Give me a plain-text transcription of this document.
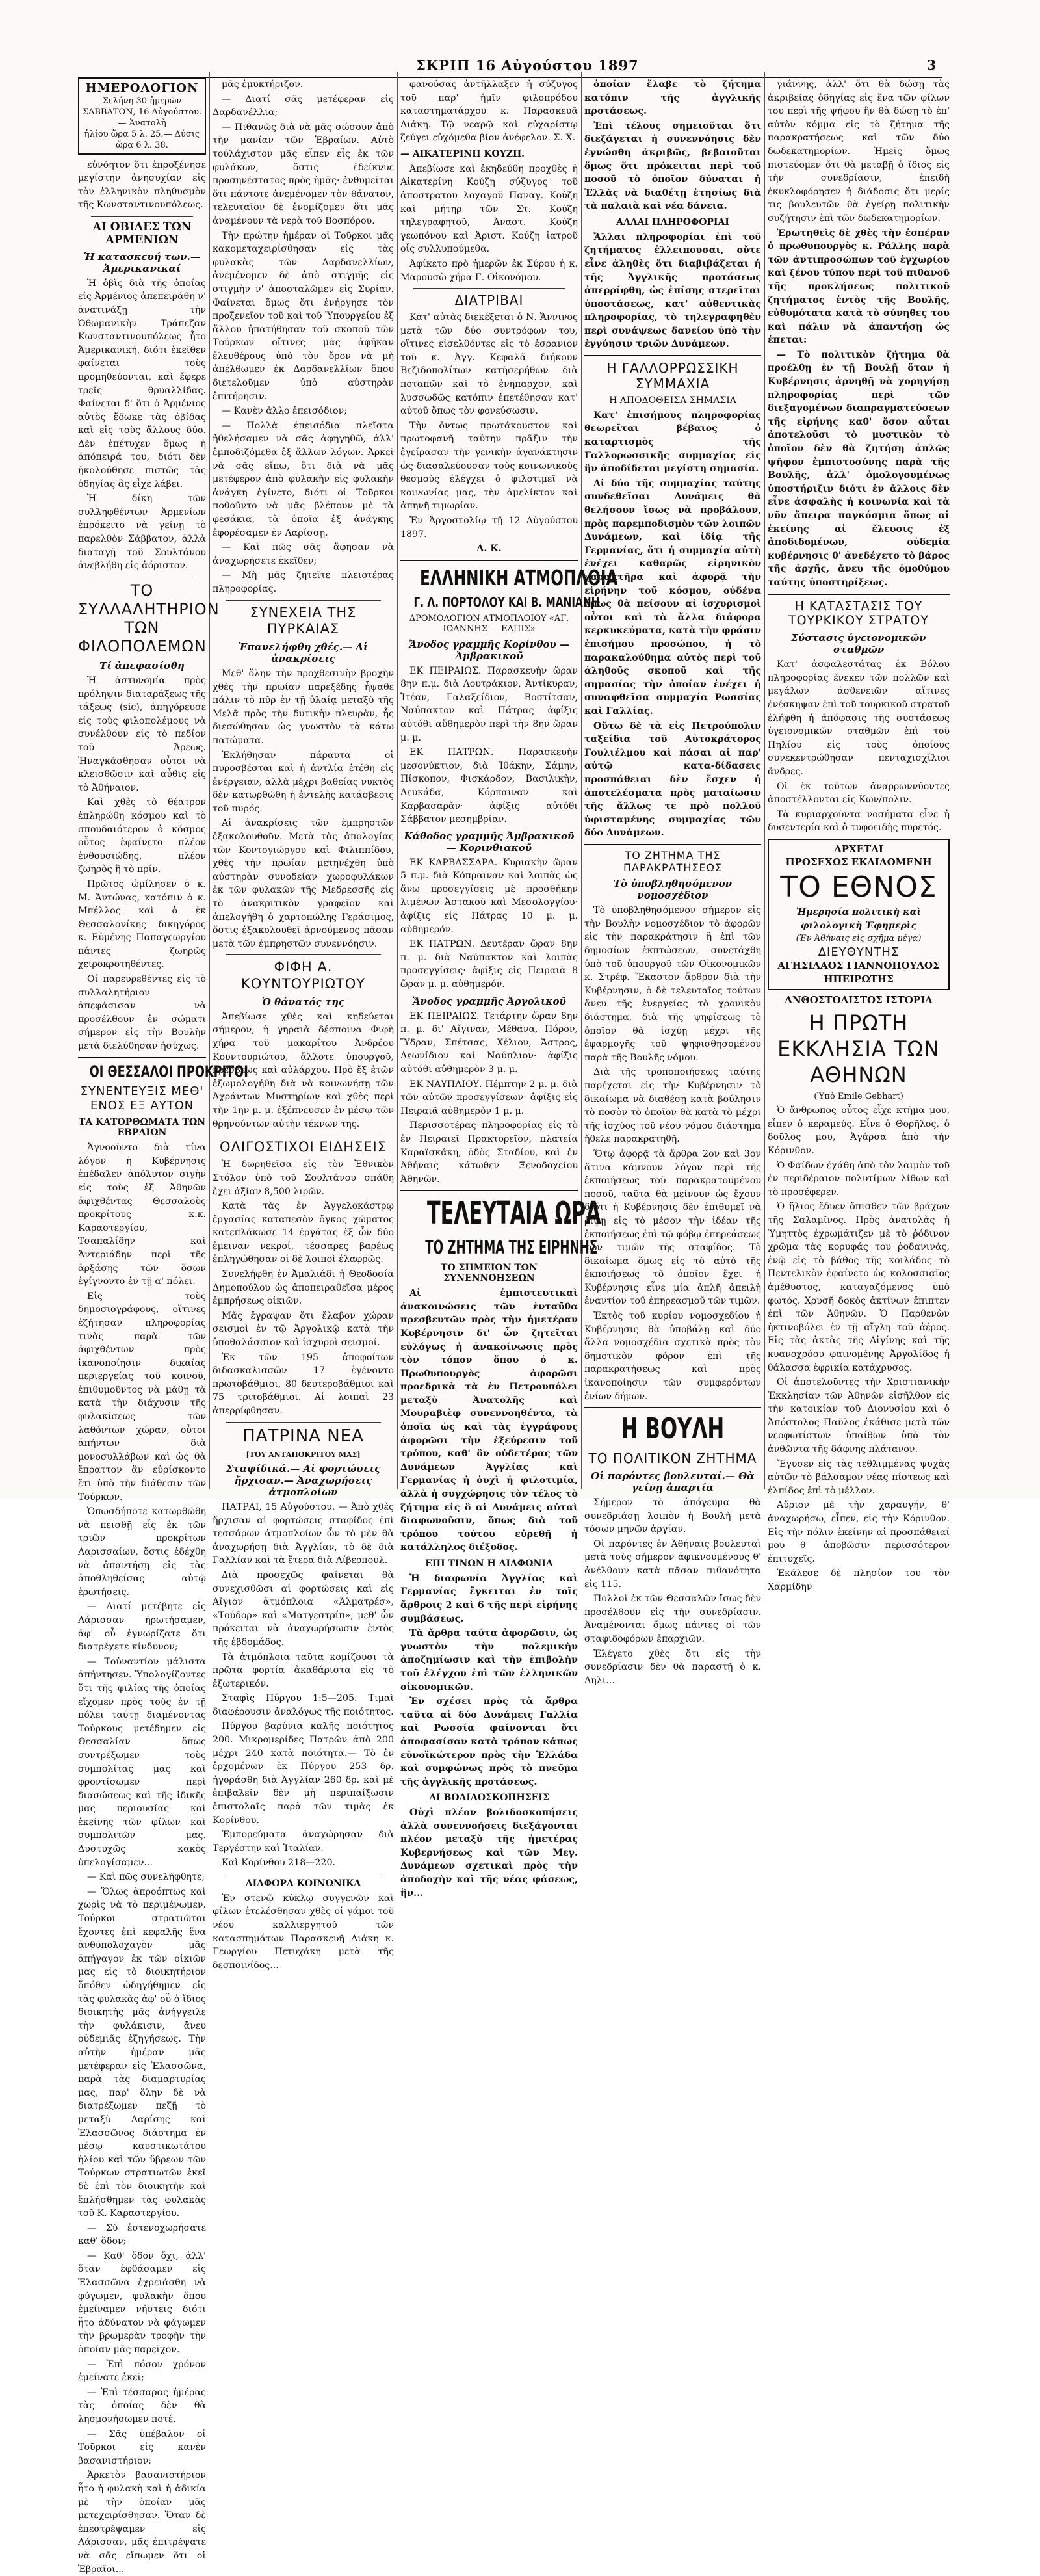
ΣΚΡΙΠ 16 Αὐγούστου 1897	3
ΗΜΕΡΟΛΟΓΙΟΝ
Σελήνη 30 ἡμερῶν
ΣΑΒΒΑΤΟΝ, 16 Αὐγούστου.— Ἀνατολὴ
ἡλίου ὥρα 5 λ. 25.— Δύσις ὥρα 6 λ. 38.

εὐνόητον ὅτι ἐπροξένησε μεγίστην ἀνησυχίαν εἰς τὸν ἑλληνικὸν πληθυσμὸν τῆς Κωνσταντινουπόλεως.

ΑΙ ΟΒΙΔΕΣ ΤΩΝ ΑΡΜΕΝΙΩΝ
Ἡ κατασκευή των.—Ἀμερικανικαί

Ἡ ὀβὶς διὰ τῆς ὁποίας εἰς Ἀρμένιος ἀπεπειράθη ν' ἀνατινάξῃ τὴν Ὀθωμανικὴν Τράπεζαν Κωνσταντινουπόλεως ἦτο Ἀμερικανική, διότι ἐκεῖθεν φαίνεται τοὺς προμηθεύονται, καὶ ἔφερε τρεῖς θρυαλλίδας. Φαίνεται δ' ὅτι ὁ Ἀρμένιος αὐτὸς ἔδωκε τὰς ὀβίδας καὶ εἰς τοὺς ἄλλους δύο. Δὲν ἐπέτυχεν ὅμως ἡ ἀπόπειρά του, διότι δὲν ἠκολούθησε πιστῶς τὰς ὁδηγίας ἃς εἶχε λάβει.

Ἡ δίκη τῶν συλληφθέντων Ἀρμενίων ἐπρόκειτο νὰ γείνῃ τὸ παρελθὸν Σάββατον, ἀλλὰ διαταγῇ τοῦ Σουλτάνου ἀνεβλήθη εἰς ἀόριστον.

ΤΟ ΣΥΛΛΑΛΗΤΗΡΙΟΝ ΤΩΝ ΦΙΛΟΠΟΛΕΜΩΝ
Τί ἀπεφασίσθη

Ἡ ἀστυνομία πρὸς πρόληψιν διαταράξεως τῆς τάξεως (sic), ἀπηγόρευσε εἰς τοὺς φιλοπολέμους νὰ συνέλθουν εἰς τὸ πεδίον τοῦ Ἄρεως. Ἠναγκάσθησαν οὗτοι νὰ κλεισθῶσιν καὶ αὖθις εἰς τὸ Ἀθήναιον.

Καὶ χθὲς τὸ θέατρον ἐπληρώθη κόσμου καὶ τὸ σπουδαιότερον ὁ κόσμος οὗτος ἐφαίνετο πλέον ἐνθουσιώδης, πλέον ζωηρὸς ἢ τὸ πρίν.

Πρῶτος ὡμίλησεν ὁ κ. Μ. Ἀντώνας, κατόπιν ὁ κ. Μπέλλος καὶ ὁ ἐκ Θεσσαλονίκης δικηγόρος κ. Εὐμένης Παπαγεωργίου πάντες ζωηρῶς χειροκροτηθέντες.

Οἱ παρευρεθέντες εἰς τὸ συλλαλητήριον ἀπεφάσισαν νὰ προσέλθουν ἐν σώματι σήμερον εἰς τὴν Βουλὴν μετὰ διελύθησαν ἡσύχως.

ΟΙ ΘΕΣΣΑΛΟΙ ΠΡΟΚΡΙΤΟΙ
ΣΥΝΕΝΤΕΥΞΙΣ ΜΕΘ' ΕΝΟΣ ΕΞ ΑΥΤΩΝ
ΤΑ ΚΑΤΟΡΘΩΜΑΤΑ ΤΩΝ ΕΒΡΑΙΩΝ

Ἀγνοοῦντο διὰ τίνα λόγον ἡ Κυβέρνησις ἐπέδαλεν ἀπόλυτον σιγὴν εἰς τοὺς ἐξ Ἀθηνῶν ἀφιχθέντας Θεσσαλοὺς προκρίτους κ.κ. Καραστεργίου, Τσαπαλίδην καὶ Ἀντεριάδην περὶ τῆς ἀρξάσης τῶν ὅσων ἐγίγνοντο ἐν τῇ α' πόλει.

Εἰς τοὺς δημοσιογράφους, οἵτινες ἐζήτησαν πληροφορίας τινὰς παρὰ τῶν ἀφιχθέντων πρὸς ἱκανοποίησιν δικαίας περιεργείας τοῦ κοινοῦ, ἐπιθυμοῦντος νὰ μάθῃ τὰ κατὰ τὴν διάχυσιν τῆς φυλακίσεως τῶν λαθόντων χώραν, οὗτοι ἀπήντων διὰ μονοσυλλάβων καὶ ὡς θὰ ἔπραττον ἂν εὑρίσκοντο ἔτι ὑπὸ τὴν διάθεσιν τῶν Τούρκων.

Ὁπωσδήποτε κατωρθώθη νὰ πεισθῇ εἷς ἐκ τῶν τριῶν προκρίτων Λαρισσαίων, ὅστις ἐδέχθη νὰ ἀπαντήσῃ εἰς τὰς ἀποθληθείσας αὐτῷ ἐρωτήσεις.

— Διατί μετέβητε εἰς Λάρισσαν ἠρωτήσαμεν, ἀφ' οὗ ἐγνωρίζατε ὅτι διατρέχετε κίνδυνον;

— Τοὐναντίον μάλιστα ἀπήντησεν. Ὑπολογίζοντες ὅτι τῆς φιλίας τῆς ὁποίας εἴχομεν πρὸς τοὺς ἐν τῇ πόλει ταύτῃ διαμένοντας Τούρκους μετέδημεν εἰς Θεσσαλίαν ὅπως συντρέξωμεν τοὺς συμπολίτας μας καὶ φροντίσωμεν περὶ διασώσεως καὶ τῆς ἰδικῆς μας περιουσίας καὶ ἐκείνης τῶν φίλων καὶ συμπολιτῶν μας. Δυστυχῶς κακὸς ὑπελογίσαμεν...

— Καὶ πῶς συνελήφθητε;

— Ὅλως ἀπροόπτως καὶ χωρὶς νὰ τὸ περιμένωμεν. Τούρκοι στρατιῶται ἔχοντες ἐπὶ κεφαλῆς ἕνα ἀνθυπολοχαγὸν μᾶς ἀπήγαγον ἐκ τῶν οἰκιῶν μας εἰς τὸ διοικητήριον ὅπόθεν ὡδηγήθημεν εἰς τὰς φυλακὰς ἀφ' οὗ ὁ ἴδιος διοικητὴς μᾶς ἀνήγγειλε τὴν φυλάκισιν, ἄνευ οὐδεμιᾶς ἐξηγήσεως. Τὴν αὐτὴν ἡμέραν μᾶς μετέφεραν εἰς Ἐλασσῶνα, παρὰ τὰς διαμαρτυρίας μας, παρ' ὅλην δὲ νὰ διατρέξωμεν πεζῇ τὸ μεταξὺ Λαρίσης καὶ Ἐλασσῶνος διάστημα ἐν μέσῳ καυστικωτάτου ἡλίου καὶ τῶν ὕβρεων τῶν Τούρκων στρατιωτῶν ἐκεῖ δὲ ἐπὶ τὸν διοικητὴν καὶ ἔπλήσθημεν τὰς φυλακὰς τοῦ Κ. Καραστεργίου.

— Σὺ ἐστενοχωρήσατε καθ' ὅδον;

— Καθ' ὅδον ὄχι, ἀλλ' ὅταν ἐφθάσαμεν εἰς Ἐλασσῶνα ἐχρειάσθη νὰ φύγωμεν, φυλακὴν ὅπου ἐμείναμεν νήστεις διότι ἦτο ἀδύνατον νὰ φάγωμεν τὴν βρωμερὰν τροφὴν τὴν ὁποίαν μᾶς παρεῖχον.

— Ἐπὶ πόσον χρόνον ἐμείνατε ἐκεῖ;

— Ἐπὶ τέσσαρας ἡμέρας τὰς ὁποίας δὲν θὰ λησμονήσωμεν ποτέ.

— Σᾶς ὑπέβαλον οἱ Τοῦρκοι εἰς κανὲν βασανιστήριον;

Ἀρκετὸν βασανιστήριον ἦτο ἡ φυλακὴ καὶ ἡ ἀδικία μὲ τὴν ὁποίαν μᾶς μετεχειρίσθησαν. Ὅταν δὲ ἐπεστρέψαμεν εἰς Λάρισσαν, μᾶς ἐπιτρέψατε νὰ σᾶς εἴπωμεν ὅτι οἱ Ἑβραῖοι...

μᾶς ἐμυκτήριζον.

— Διατί σᾶς μετέφεραν εἰς Δαρδανέλλια;

— Πιθανῶς διὰ νὰ μᾶς σώσουν ἀπὸ τὴν μανίαν τῶν Ἑβραίων. Αὐτὸ τοὐλάχιστον μᾶς εἶπεν εἷς ἐκ τῶν φυλάκων, ὅστις ἐδείκνυε προσηνέστατος πρὸς ἡμᾶς· ἐνθυμεῖται ὅτι πάντοτε ἀνεμένομεν τὸν θάνατον, τελευταῖον δὲ ἐνομίζομεν ὅτι μᾶς ἀναμένουν τὰ νερὰ τοῦ Βοσπόρου.

Τὴν πρώτην ἡμέραν οἱ Τοῦρκοι μᾶς κακομεταχειρίσθησαν εἰς τὰς φυλακὰς τῶν Δαρδανελλίων, ἀνεμένομεν δὲ ἀπὸ στιγμῆς εἰς στιγμὴν ν' ἀποσταλῶμεν εἰς Συρίαν. Φαίνεται ὅμως ὅτι ἐνήργησε τὸν προξενεῖον τοῦ καὶ τοῦ Ὑπουργείου ἐξ ἄλλου ἠπατήθησαν τοῦ σκοποῦ τῶν Τούρκων οἵτινες μᾶς ἀφῆκαν ἐλευθέρους ὑπὸ τὸν ὅρον νὰ μὴ ἀπέλθωμεν ἐκ Δαρδανελλίων ὅπου διετελοῦμεν ὑπὸ αὐστηρὰν ἐπιτήρησιν.

— Κανὲν ἄλλο ἐπεισόδιον;

— Πολλὰ ἐπεισόδια πλεῖστα ἠθελήσαμεν νὰ σᾶς ἀφηγηθῶ, ἀλλ' ἐμποδιζόμεθα ἐξ ἄλλων λόγων. Ἀρκεῖ νὰ σᾶς εἴπω, ὅτι διὰ νὰ μᾶς μετέφερον ἀπὸ φυλακὴν εἰς φυλακὴν ἀνάγκη ἐγίνετο, διότι οἱ Τοῦρκοι ποθοῦντο νὰ μᾶς βλέπουν μὲ τὰ φεσάκια, τὰ ὁποῖα ἐξ ἀνάγκης ἐφορέσαμεν ἐν Λαρίσσῃ.

— Καὶ πῶς σᾶς ἄφησαν νὰ ἀναχωρήσετε ἐκεῖθεν;

— Μὴ μᾶς ζητεῖτε πλειοτέρας πληροφορίας.

ΣΥΝΕΧΕΙΑ ΤΗΣ ΠΥΡΚΑΙΑΣ
Ἐπανελήφθη χθές.— Αἱ ἀνακρίσεις

Μεθ' ὅλην τὴν προχθεσινὴν βροχὴν χθὲς τὴν πρωίαν παρεξέδης ἧψαθε πάλιν τὸ πῦρ ἐν τῇ ὑλαίᾳ μεταξὺ τῆς Μελᾶ πρὸς τὴν δυτικὴν πλευρὰν, ἧς διεσώθησαν ὡς γνωστὸν τὰ κάτω πατώματα.

Ἐκλήθησαν πάραυτα οἱ πυροσβέσται καὶ ἡ ἀντλία ἐτέθη εἰς ἐνέργειαν, ἀλλὰ μέχρι βαθείας νυκτὸς δὲν κατωρθώθη ἡ ἐντελὴς κατάσβεσις τοῦ πυρός.

Αἱ ἀνακρίσεις τῶν ἐμπρηστῶν ἐξακολουθοῦν. Μετὰ τὰς ἀπολογίας τῶν Κοντογιώργου καὶ Φιλιππίδου, χθὲς τὴν πρωίαν μετηνέχθη ὑπὸ αὐστηρὰν συνοδείαν χωροφυλάκων ἐκ τῶν φυλακῶν τῆς Μεδρεσσῆς εἰς τὸ ἀνακριτικὸν γραφεῖον καὶ ἀπελογήθη ὁ χαρτοπώλης Γεράσιμος, ὅστις ἐξακολουθεῖ ἀρνούμενος πᾶσαν μετὰ τῶν ἐμπρηστῶν συνεννόησιν.

ΦΙΦΗ Α. ΚΟΥΝΤΟΥΡΙΩΤΟΥ
Ὁ θάνατός της

Ἀπεβίωσε χθὲς καὶ κηδεύεται σήμερον, ἡ γηραιὰ δέσποινα Φιφὴ χήρα τοῦ μακαρίτου Ἀνδρέου Κουντουριώτου, ἄλλοτε ὑπουργοῦ, πρέσβεως καὶ αὐλάρχου. Πρὸ ἕξ ἐτῶν ἐξωμολογήθη διὰ νὰ κοινωνήσῃ τῶν Ἀχράντων Μυστηρίων καὶ χθὲς περὶ τὴν 1ην μ. μ. ἐξέπνευσεν ἐν μέσῳ τῶν θρηνούντων αὐτὴν τέκνων της.

ΟΛΙΓΟΣΤΙΧΟΙ ΕΙΔΗΣΕΙΣ

Ἡ δωρηθεῖσα εἰς τὸν Ἐθνικὸν Στόλον ὑπὸ τοῦ Σουλτάνου σπάθη ἔχει ἀξίαν 8,500 λιρῶν.

Κατὰ τὰς ἐν Ἀγγελοκάστρῳ ἐργασίας καταπεσὸν ὄγκος χώματος κατεπλάκωσε 14 ἐργάτας ἐξ ὧν δύο ἐμειναν νεκροί, τέσσαρες βαρέως ἐπληγώθησαν οἱ δὲ λοιποὶ ἐλαφρῶς.

Συνελήφθη ἐν Ἀμαλιάδι ἡ Θεοδοσία Δημοπούλου ὡς ἀποπειραθεῖσα μέρος ἐμπρήσεως οἰκιῶν.

Μᾶς ἔγραψαν ὅτι ἔλαβον χώραν σεισμοὶ ἐν τῷ Ἀργολικῷ κατὰ τὴν ὑποθαλάσσιον καὶ ἰσχυροὶ σεισμοί.

Ἐκ τῶν 195 ἀποφοίτων διδασκαλισσῶν 17 ἐγένοντο πρωτοβάθμιοι, 80 δευτεροβάθμιοι καὶ 75 τριτοβάθμιοι. Αἱ λοιπαὶ 23 ἀπερρίφθησαν.

ΠΑΤΡΙΝΑ ΝΕΑ
[ΤΟΥ ΑΝΤΑΠΟΚΡΙΤΟΥ ΜΑΣ]
Σταφίδικά.— Αἱ φορτώσεις ἤρχισαν.— Ἀναχωρήσεις ἀτμοπλοίων

ΠΑΤΡΑΙ, 15 Αὐγούστου. — Ἀπὸ χθὲς ἤρχισαν αἱ φορτώσεις σταφίδος ἐπὶ τεσσάρων ἀτμοπλοίων ὧν τὸ μὲν θὰ ἀναχωρήσῃ διὰ Ἀγγλίαν, τὸ δὲ διὰ Γαλλίαν καὶ τὰ ἕτερα διὰ Λίβερπουλ.

Διὰ προσεχῶς φαίνεται θὰ συνεχισθῶσι αἱ φορτώσεις καὶ εἰς Αἴγιον ἀτμόπλοια «Ἀλματρέσ», «Τούδορ» καὶ «Ματγεστρίπ», μεθ' ὧν πρόκειται νὰ ἀναχωρήσωσιν ἐντὸς τῆς ἑβδομάδος.

Τὰ ἀτμόπλοια ταῦτα κομίζουσι τὰ πρῶτα φορτία ἀκαθάριστα εἰς τὸ ἐξωτερικόν.

Σταφὶς Πύργου 1:5—205. Τιμαὶ διαφέρουσιν ἀναλόγως τῆς ποιότητος.

Πύργου βαρύνια καλῆς ποιότητος 200. Μικρομερίδες Πατρῶν ἀπὸ 200 μέχρι 240 κατὰ ποιότητα.— Τὸ ἐν ἐρχομένων ἐκ Πύργου 253 δρ. ἠγοράσθη διὰ Ἀγγλίαν 260 δρ. καὶ μὲ ἐπιβαλεῖν δὲν μὴ περιπαίξωσιν ἐπιστολαῖς παρὰ τῶν τιμὰς ἐκ Κορίνθου.

Ἐμπορεύματα ἀναχώρησαν διὰ Τεργέστην καὶ Ἰταλίαν.

Καὶ Κορίνθου 218—220.

ΔΙΑΦΟΡΑ ΚΟΙΝΩΝΙΚΑ

Ἐν στενῷ κύκλῳ συγγενῶν καὶ φίλων ἐτελέσθησαν χθὲς οἱ γάμοι τοῦ νέου καλλιεργητοῦ τῶν κατασπημάτων Παρασκευῆ Λιάκη κ. Γεωργίου Πετυχάκη μετὰ τῆς δεσποινίδος...

φανούσας ἀντῆλλαξεν ἡ σύζυγος τοῦ παρ' ἡμῖν φιλοπρόδου καταστηματάρχου κ. Παρασκευᾶ Λιάκη. Τῷ νεαρῷ καὶ εὐχαρίστῳ ζεύγει εὐχόμεθα βίον ἀνέφελον. Σ. Χ.

— ΑΙΚΑΤΕΡΙΝΗ ΚΟΥΖΗ.

Ἀπεβίωσε καὶ ἐκηδεύθη προχθὲς ἡ Αἰκατερίνη Κούζη σύζυγος τοῦ ἀποστρατου λοχαγοῦ Παναγ. Κούζη καὶ μήτηρ τῶν Στ. Κούζη τηλεγραφητοῦ, Ἀναστ. Κούζη γεωπόνου καὶ Ἀριστ. Κούζη ἰατροῦ οἷς συλλυπούμεθα.

Ἀφίκετο πρὸ ἡμερῶν ἐκ Σύρου ἡ κ. Μαρουσὼ χήρα Γ. Οἰκονόμου.

ΔΙΑΤΡΙΒΑΙ

Κατ' αὐτὰς διεκέξεται ὁ Ν. Ἄννινος μετὰ τῶν δύο συντρόφων του, οἵτινες εἰσελθόντες εἰς τὸ ἐσρανιον τοῦ κ. Ἀγγ. Κεφαλᾶ διήκουν Βεζιδοπολίτων κατῆσερήθων διὰ ποταπῶν καὶ τὸ ἐνηπαρχον, καὶ λυσσωδῶς κατόπιν ἐπετέθησαν κατ' αὐτοῦ ὅπως τὸν φονεύσωσιν.

Τὴν ὄντως πρωτάκουστον καὶ πρωτοφανῆ ταύτην πρᾶξιν τὴν ἐγείρασαν τὴν γενικὴν ἀγανάκτησιν ὡς διασαλεύουσαν τοὺς κοινωνικοὺς θεσμοὺς ἐλέγχει ὁ φιλοτιμεῖ νὰ κοινωνίας μας, τὴν ἀμελίκτον καὶ ἀπηνῆ τιμωρίαν.

Ἐν Ἀργοστολίῳ τῇ 12 Αὐγούστου 1897.

Α. Κ.
ΕΛΛΗΝΙΚΗ ΑΤΜΟΠΛΟΙΑ
Γ. Λ. ΠΟΡΤΟΛΟΥ ΚΑΙ Β. ΜΑΝΙΑΝΗ
ΔΡΟΜΟΛΟΓΙΟΝ ΑΤΜΟΠΛΟΙΟΥ «ΑΓ. ΙΩΑΝΝΗΣ — ΕΛΠΙΣ»
Ἄνοδος γραμμῆς Κορίνθου — Ἀμβρακικοῦ

ΕΚ ΠΕΙΡΑΙΩΣ. Παρασκευὴν ὥραν 8ην π.μ. διὰ Λουτράκιον, Ἀντίκυραν, Ἰτέαν, Γαλαξείδιον, Βοστίτσαν, Ναύπακτον καὶ Πάτρας ἀφίξις αὐτόθι αὔθημερὸν περὶ τὴν 8ην ὥραν μ. μ.

ΕΚ ΠΑΤΡΩΝ. Παρασκευὴν μεσονύκτιον, διὰ Ἰθάκην, Σάμην, Πίσκοπον, Φισκάρδον, Βασιλικὴν, Λευκάδα, Κόρπαιναν καὶ Καρβασαρὰν· ἀφίξις αὐτόθι Σάββατον μεσημβρίαν.

Κάθοδος γραμμῆς Ἀμβρακικοῦ — Κορινθιακοῦ

ΕΚ ΚΑΡΒΑΣΣΑΡΑ. Κυριακὴν ὥραν 5 π.μ. διὰ Κόπραιναν καὶ λοιπὰς ὡς ἄνω προσεγγίσεις μὲ προσθήκην λιμένων Ἀστακοῦ καὶ Μεσολογγίου· ἀφίξις εἰς Πάτρας 10 μ. μ. αὐθημερόν.

ΕΚ ΠΑΤΡΩΝ. Δευτέραν ὥραν 8ην π. μ. διὰ Ναύπακτον καὶ λοιπὰς προσεγγίσεις· ἀφίξις εἰς Πειραιᾶ 8 ὥραν μ. μ. αὐθημερόν.

Ἄνοδος γραμμῆς Ἀργολικοῦ

ΕΚ ΠΕΙΡΑΙΩΣ. Τετάρτην ὥραν 8ην π. μ. δι' Αἴγιναν, Μέθανα, Πόρον, Ὕδραν, Σπέτσας, Χέλιον, Ἄστρος, Λεωνίδιον καὶ Ναύπλιον· ἀφίξις αὐτόθι αὐθημερὸν 3 μ. μ.

ΕΚ ΝΑΥΠΛΙΟΥ. Πέμπτην 2 μ. μ. διὰ τῶν αὐτῶν προσεγγίσεων· ἀφίξις εἰς Πειραιᾶ αὐθημερὸν 1 μ. μ.

Περισσοτέρας πληροφορίας εἰς τὸ ἐν Πειραιεῖ Πρακτορεῖον, πλατεία Καραϊσκάκη, ὁδὸς Σταδίου, καὶ ἐν Ἀθήναις κάτωθεν Ξενοδοχείου Ἀθηνῶν.

ΤΕΛΕΥΤΑΙΑ ΩΡΑ
ΤΟ ΖΗΤΗΜΑ ΤΗΣ ΕΙΡΗΝΗΣ
ΤΟ ΣΗΜΕΙΟΝ ΤΩΝ ΣΥΝΕΝΝΟΗΣΕΩΝ

Αἱ ἐμπιστευτικαὶ ἀνακοινώσεις τῶν ἐνταῦθα πρεσβευτῶν πρὸς τὴν ἡμετέραν Κυβέρνησιν δι' ὧν ζητεῖται εὐλόγως ἡ ἀνακοίνωσις πρὸς τὸν τόπον ὅπου ὁ κ. Πρωθυπουργὸς ἀφορῶσι προεδρικὰ τὰ ἐν Πετρουπόλει μεταξὺ Ἀνατολῆς καὶ Μουραβιὲφ συνεννοηθέντα, τὰ ὁποῖα ὡς καὶ τὰς ἐγγράφους ἀφορῶσι τὴν ἐξεύρεσιν τοῦ τρόπου, καθ' ὃν οὐδετέρας τῶν Δυνάμεων Ἀγγλίας καὶ Γερμανίας ἡ ὀυχὶ ἡ φιλοτιμία, ἀλλὰ ἡ συγχώρησις τὸν τέλος τὸ ζήτημα εἰς ὃ αἱ Δυνάμεις αὐταὶ διαφωνοῦσιν, ὅπως διὰ τοῦ τρόπου τούτου εὑρεθῇ ἡ κατάλληλος διέξοδος.

ΕΠΙ ΤΙΝΩΝ Η ΔΙΑΦΩΝΙΑ

Ἡ διαφωνία Ἀγγλίας καὶ Γερμανίας ἔγκειται ἐν τοῖς ἄρθροις 2 καὶ 6 τῆς περὶ εἰρήνης συμβάσεως.

Τὰ ἄρθρα ταῦτα ἀφορῶσιν, ὡς γνωστὸν τὴν πολεμικὴν ἀποζημίωσιν καὶ τὴν ἐπιβολὴν τοῦ ἐλέγχου ἐπὶ τῶν ἑλληνικῶν οἰκονομικῶν.

Ἐν σχέσει πρὸς τὰ ἄρθρα ταῦτα αἱ δύο Δυνάμεις Γαλλία καὶ Ρωσσία φαίνονται ὅτι ἀποφασίσαν κατὰ τρόπον κάπως εὐνοϊκώτερον πρὸς τὴν Ἑλλάδα καὶ συμφώνως πρὸς τὸ πνεῦμα τῆς ἀγγλικῆς προτάσεως.

ΑΙ ΒΟΛΙΔΟΣΚΟΠΗΣΕΙΣ

Οὐχὶ πλέον βολιδοσκοπήσεις ἀλλὰ συνεννοήσεις διεξάγονται πλέον μεταξὺ τῆς ἡμετέρας Κυβερνήσεως καὶ τῶν Μεγ. Δυνάμεων σχετικαὶ πρὸς τὴν ἀποδοχὴν καὶ τῆς νέας φάσεως, ἣν...

ὁποίαν ἔλαβε τὸ ζήτημα κατόπιν τῆς ἀγγλικῆς προτάσεως.

Ἐπὶ τέλους σημειοῦται ὅτι διεξάγεται ἡ συνεννόησις δὲν ἐγνώσθη ἀκριβῶς, βεβαιοῦται ὅμως ὅτι πρόκειται περὶ τοῦ ποσοῦ τὸ ὁποῖον δύναται ἡ Ἑλλὰς νὰ διαθέτῃ ἐτησίως διὰ τὰ παλαιὰ καὶ νέα δάνεια.

ΑΛΛΑΙ ΠΛΗΡΟΦΟΡΙΑΙ

Ἄλλαι πληροφορίαι ἐπὶ τοῦ ζητήματος ἐλλειπουσαι, οὔτε εἶνε ἀληθὲς ὅτι διαβιβάζεται ἡ τῆς Ἀγγλικῆς προτάσεως ἀπερρίφθη, ὡς ἐπίσης στερεῖται ὑποστάσεως, κατ' αὐθεντικὰς πληροφορίας, τὸ τηλεγραφηθὲν περὶ συνάψεως δανείου ὑπὸ τὴν ἐγγύησιν τριῶν Δυνάμεων.

Η ΓΑΛΛΟΡΡΩΣΣΙΚΗ ΣΥΜΜΑΧΙΑ
Η ΑΠΟΔΟΘΕΙΣΑ ΣΗΜΑΣΙΑ

Κατ' ἐπισήμους πληροφορίας θεωρεῖται βέβαιος ὁ καταρτισμὸς τῆς Γαλλορωσσικῆς συμμαχίας εἰς ἣν ἀποδίδεται μεγίστη σημασία.

Αἱ δύο τῆς συμμαχίας ταύτης συνδεθεῖσαι Δυνάμεις θὰ θελήσουν ἴσως νὰ προβάλουν, πρὸς παρεμποδισμὸν τῶν λοιπῶν Δυνάμεων, καὶ ἰδίᾳ τῆς Γερμανίας, ὅτι ἡ συμμαχία αὐτὴ ἐνέχει καθαρῶς εἰρηνικὸν χαρακτῆρα καὶ ἀφορᾷ τὴν εἰρήνην τοῦ κόσμου, οὐδένα ὅμως θὰ πείσουν αἱ ἰσχυρισμοὶ οὗτοι καὶ τὰ ἄλλα διάφορα κερκυκεύματα, κατὰ τὴν φράσιν ἐπισήμου προσώπου, ἡ τὸ παρακαλούθημα αὐτὸς περὶ τοῦ ἀληθοῦς σκοποῦ καὶ τῆς σημασίας τὴν ὁποίαν ἐνέχει ἡ συναφθεῖσα συμμαχία Ρωσσίας καὶ Γαλλίας.

Οὕτω δὲ τὰ εἰς Πετρούπολιν ταξείδια τοῦ Αὐτοκράτορος Γουλιέλμου καὶ πάσαι αἱ παρ' αὐτῷ κατα-δίδασεις προσπάθειαι δὲν ἔσχεν ἡ ἀποτελέσματα πρὸς ματαίωσιν τῆς ἄλλως τε πρὸ πολλοῦ ὑφισταμένης συμμαχίας τῶν δύο Δυνάμεων.

ΤΟ ΖΗΤΗΜΑ ΤΗΣ ΠΑΡΑΚΡΑΤΗΣΕΩΣ
Τὸ ὑποβληθησόμενον νομοσχέδιον

Τὸ ὑποβληθησόμενον σήμερον εἰς τὴν Βουλὴν νομοσχέδιον τὸ ἀφορῶν εἰς τὴν παρακράτησιν ἢ ἐπὶ τῶν δημοσίων ἐκπτώσεων, συνετάχθη ὑπὸ τοῦ ὑπουργοῦ τῶν Οἰκονομικῶν κ. Στρέφ. Ἕκαστον ἄρθρον διὰ τὴν Κυβέρνησιν, ὁ δὲ τελευταῖος τούτων ἄνευ τῆς ἐνεργείας τὸ χρονικὸν διάστημα, διὰ τῆς ψηφίσεως τὸ ὁποῖον θὰ ἰσχύῃ μέχρι τῆς ἐφαρμογῆς τοῦ ψηφισθησομένου παρὰ τῆς Βουλῆς νόμου.

Διὰ τῆς τροποποιήσεως ταύτης παρέχεται εἰς τὴν Κυβέρνησιν τὸ δικαίωμα νὰ διαθέσῃ κατὰ βούλησιν τὸ ποσὸν τὸ ὁποῖον θὰ κατὰ τὸ μέχρι τῆς ἰσχύος τοῦ νέου νόμου διάστημα ἤθελε παρακρατηθῆ.

Ὅτῳ ἀφορᾷ τὰ ἄρθρα 2ον καὶ 3ον ἅτινα κάμνουν λόγον περὶ τῆς ἐκποιήσεως τοῦ παρακρατουμένου ποσοῦ, ταῦτα θὰ μείνουν ὡς ἔχουν διότι ἡ Κυβέρνησις δὲν ἐπιθυμεῖ νὰ ῥίψῃ εἰς τὸ μέσον τὴν ἰδέαν τῆς ἐκποιήσεως ἐπὶ τῷ φόβῳ ἐπηρεάσεως τῶν τιμῶν τῆς σταφίδος. Τὸ δικαίωμα ὅμως εἰς τὸ αὐτὸ τῆς ἐκποιήσεως τὸ ὁποῖον ἔχει ἡ Κυβέρνησις εἶνε μία ἁπλῆ ἀπειλὴ ἐναντίον τοῦ ἐπηρεασμοῦ τῶν τιμῶν.

Ἐκτὸς τοῦ κυρίου νομοσχεδίου ἡ Κυβέρνησις θὰ ὑποβάλῃ καὶ δύο ἄλλα νομοσχέδια σχετικὰ πρὸς τὸν δημοτικὸν φόρον ἐπὶ τῆς παρακρατήσεως καὶ πρὸς ἱκανοποίησιν τῶν συμφερόντων ἐνίων δήμων.

Η ΒΟΥΛΗ
ΤΟ ΠΟΛΙΤΙΚΟΝ ΖΗΤΗΜΑ
Οἱ παρόντες βουλευταί.— Θὰ γείνῃ ἀπαρτία

Σήμερον τὸ ἀπόγευμα θὰ συνεδριάσῃ λοιπὸν ἡ Βουλὴ μετὰ τόσων μηνῶν ἀργίαν.

Οἱ παρόντες ἐν Ἀθήναις βουλευταὶ μετὰ τοὺς σήμερον ἀφικνουμένους θ' ἀνέλθουν κατὰ πᾶσαν πιθανότητα εἰς 115.

Πολλοὶ ἐκ τῶν Θεσσαλῶν ἴσως δὲν προσέλθουν εἰς τὴν συνεδρίασιν. Ἀναμένονται ὅμως πάντες οἱ τῶν σταφιδοφόρων ἐπαρχιῶν.

Ἐλέγετο χθὲς ὅτι εἰς τὴν συνεδρίασιν δὲν θὰ παραστῇ ὁ κ. Δηλι...

γιάννης, ἀλλ' ὅτι θὰ δώσῃ τὰς ἀκριβείας ὁδηγίας εἰς ἕνα τῶν φίλων του περὶ τῆς ψήφου ἣν θὰ δώσῃ τὸ ἐπ' αὐτὸν κόμμα εἰς τὸ ζήτημα τῆς παρακρατήσεως καὶ τῶν δύο δωδεκατημορίων. Ἡμεῖς ὅμως πιστεύομεν ὅτι θὰ μεταβῇ ὁ ἴδιος εἰς τὴν συνεδρίασιν, ἐπειδὴ ἐκυκλοφόρησεν ἡ διάδοσις ὅτι μερίς τις βουλευτῶν θὰ ἐγείρῃ πολιτικὴν συζήτησιν ἐπὶ τῶν δωδεκατημορίων.

Ἐρωτηθεὶς δὲ χθὲς τὴν ἑσπέραν ὁ πρωθυπουργὸς κ. Ράλλης παρὰ τῶν ἀντιπροσώπων τοῦ ἐγχωρίου καὶ ξένου τύπου περὶ τοῦ πιθανοῦ τῆς προκλήσεως πολιτικοῦ ζητήματος ἐντὸς τῆς Βουλῆς, εὐθυμότατα κατὰ τὸ σύνηθες του καὶ πάλιν νὰ ἀπαντήσῃ ὡς ἑπεται:

— Τὸ πολιτικὸν ζήτημα θὰ προέλθῃ ἐν τῇ Βουλῇ ὅταν ἡ Κυβέρνησις ἀρνηθῇ νὰ χορηγήσῃ πληροφορίας περὶ τῶν διεξαγομένων διαπραγματεύσεων τῆς εἰρήνης καθ' ὅσον αὗται ἀποτελοῦσι τὸ μυστικὸν τὸ ὁποῖον δὲν θὰ ζητήσῃ ἁπλῶς ψῆφον ἐμπιστοσύνης παρὰ τῆς Βουλῆς, ἀλλ' ὁμολογουμένως ὑποστήριξιν διότι ἐν ἄλλοις δὲν εἶνε ἀσφαλὴς ἡ κοινωνία καὶ τὰ νῦν ἄπειρα παγκόσμια ὅπως αἱ ἐκείνης αἱ ἔλευσις ἐξ ἀποδιδομένων, οὐδεμία κυβέρνησις θ' ἀνεδέχετο τὸ βάρος τῆς ἀρχῆς, ἄνευ τῆς ὁμοθύμου ταύτης ὑποστηρίξεως.

Η ΚΑΤΑΣΤΑΣΙΣ ΤΟΥ ΤΟΥΡΚΙΚΟΥ ΣΤΡΑΤΟΥ
Σύστασις ὑγειονομικῶν σταθμῶν

Κατ' ἀσφαλεστάτας ἐκ Βόλου πληροφορίας ἕνεκεν τῶν πολλῶν καὶ μεγάλων ἀσθενειῶν αἵτινες ἐνέσκηψαν ἐπὶ τοῦ τουρκικοῦ στρατοῦ ἐλήφθη ἡ ἀπόφασις τῆς συστάσεως ὑγειονομικῶν σταθμῶν ἐπὶ τοῦ Πηλίου εἰς τοὺς ὁποίους συνεκεντρώθησαν πενταχισχίλιοι ἄνδρες.

Οἱ ἐκ τούτων ἀναρρωννύοντες ἀποστέλλονται εἰς Κων/πολιν.

Τὰ κυριαρχοῦντα νοσήματα εἶνε ἡ δυσεντερία καὶ ὁ τυφοειδὴς πυρετός.

ΑΡΧΕΤΑΙ
ΠΡΟΣΕΧΩΣ ΕΚΔΙΔΟΜΕΝΗ
ΤΟ ΕΘΝΟΣ
Ἡμερησία πολιτικὴ καὶ φιλολογικὴ Ἐφημερὶς
(Ἐν Ἀθήναις εἰς σχῆμα μέγα)
ΔΙΕΥΘΥΝΤΗΣ
ΑΓΗΣΙΛΑΟΣ ΓΙΑΝΝΟΠΟΥΛΟΣ
ΗΠΕΙΡΩΤΗΣ
ΑΝΘΟΣΤΟΛΙΣΤΟΣ ΙΣΤΟΡΙΑ
Η ΠΡΩΤΗ ΕΚΚΛΗΣΙΑ ΤΩΝ ΑΘΗΝΩΝ
(Ὑπὸ Emile Gebhart)

Ὁ ἄνθρωπος οὗτος εἶχε κτῆμα μου, εἶπεν ὁ κεραμεύς. Εἶνε ὁ Θορῆλος, ὁ δοῦλος μου, Ἀγάρσα ἀπὸ τὴν Κόρινθον.

Ὁ Φαίδων ἐχάθη ἀπὸ τὸν λαιμὸν τοῦ ἐν περιδέραιον πολυτίμων λίθων καὶ τὸ προσέφερεν.

Ὁ ἥλιος ἔδυεν ὄπισθεν τῶν βράχων τῆς Σαλαμῖνος. Πρὸς ἀνατολὰς ἡ Ὑμηττὸς ἐχρωμάτιζεν μὲ τὸ ῥόδινον χρῶμα τὰς κορυφάς του ῥοδανινάς, ἐνῷ εἰς τὸ βάθος τῆς κοιλάδος τὸ Πεντελικὸν ἐφαίνετο ὡς κολοσσιαῖος ἀμέθυστος, καταγαζόμενος ὑπὸ φωτός. Χρυσῆ δοκὸς ἀκτίνων ἔπιπτεν ἐπὶ τῶν Ἀθηνῶν. Ὁ Παρθενὼν ἠκτινοβόλει ἐν τῇ αἴγλῃ τοῦ ἀέρος. Εἰς τὰς ἀκτὰς τῆς Αἰγίνης καὶ τῆς κυανοχρόου φαινομένης Ἀργολίδος ἡ θάλασσα ἐφρικία κατάχρυσος.

Οἱ ἀποτελοῦντες τὴν Χριστιανικὴν Ἐκκλησίαν τῶν Ἀθηνῶν εἰσῆλθον εἰς τὴν κατοικίαν τοῦ Διονυσίου καὶ ὁ Ἀπόστολος Παῦλος ἐκάθισε μετὰ τῶν νεοφωτίστων ὑπαίθων ὑπὸ τὸν ἀνθῶντα τῆς δάφνης πλάτανον.

Ἔγυσεν εἰς τὰς τεθλιμμένας ψυχὰς αὐτῶν τὸ βάλσαμον νέας πίστεως καὶ ἐλπίδος ἐπὶ τὸ μέλλον.

Αὔριον μὲ τὴν χαραυγήν, θ' ἀναχωρήσω, εἶπεν, εἰς τὴν Κόρινθον. Εἰς τὴν πόλιν ἐκείνην αἱ προσπάθειαί μου θ' ἀποβῶσιν περισσότερον ἐπιτυχεῖς.

Ἐκάλεσε δὲ πλησίον του τὸν Χαρμίδην
